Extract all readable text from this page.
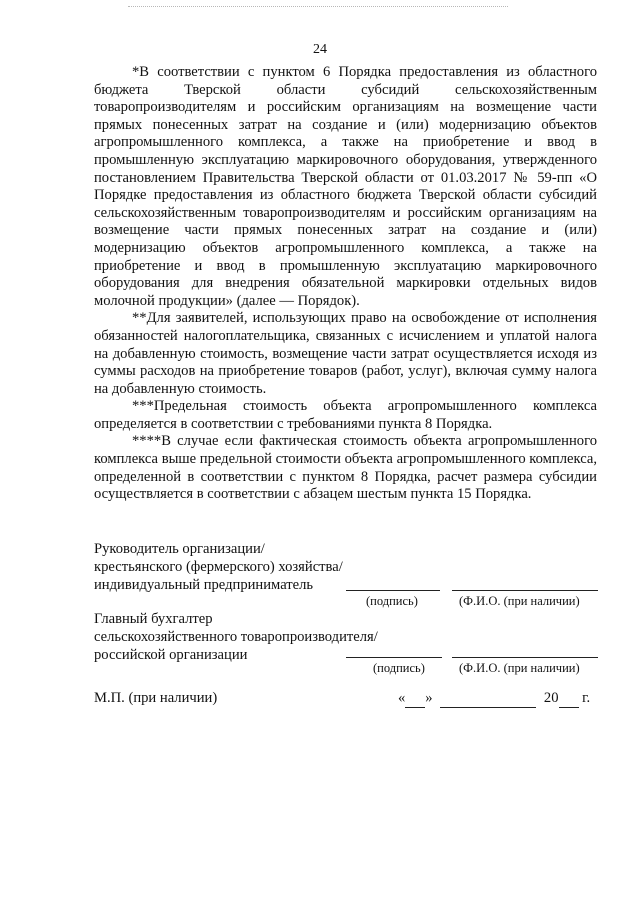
24

*В соответствии с пунктом 6 Порядка предоставления из областного бюджета Тверской области субсидий сельскохозяйственным товаропроизводителям и российским организациям на возмещение части прямых понесенных затрат на создание и (или) модернизацию объектов агропромышленного комплекса, а также на приобретение и ввод в промышленную эксплуатацию маркировочного оборудования, утвержденного постановлением Правительства Тверской области от 01.03.2017 № 59-пп «О Порядке предоставления из областного бюджета Тверской области субсидий сельскохозяйственным товаропроизводителям и российским организациям на возмещение части прямых понесенных затрат на создание и (или) модернизацию объектов агропромышленного комплекса, а также на приобретение и ввод в промышленную эксплуатацию маркировочного оборудования для внедрения обязательной маркировки отдельных видов молочной продукции» (далее — Порядок).

**Для заявителей, использующих право на освобождение от исполнения обязанностей налогоплательщика, связанных с исчислением и уплатой налога на добавленную стоимость, возмещение части затрат осуществляется исходя из суммы расходов на приобретение товаров (работ, услуг), включая сумму налога на добавленную стоимость.

***Предельная стоимость объекта агропромышленного комплекса определяется в соответствии с требованиями пункта 8 Порядка.

****В случае если фактическая стоимость объекта агропромышленного комплекса выше предельной стоимости объекта агропромышленного комплекса, определенной в соответствии с пунктом 8 Порядка, расчет размера субсидии осуществляется в соответствии с абзацем шестым пункта 15 Порядка.

Руководитель организации/
крестьянского (фермерского) хозяйства/
индивидуальный предприниматель
(подпись)	(Ф.И.О. (при наличии)
Главный бухгалтер
сельскохозяйственного товаропроизводителя/
российской организации
(подпись)	(Ф.И.О. (при наличии)
М.П. (при наличии)	« »	20 г.
